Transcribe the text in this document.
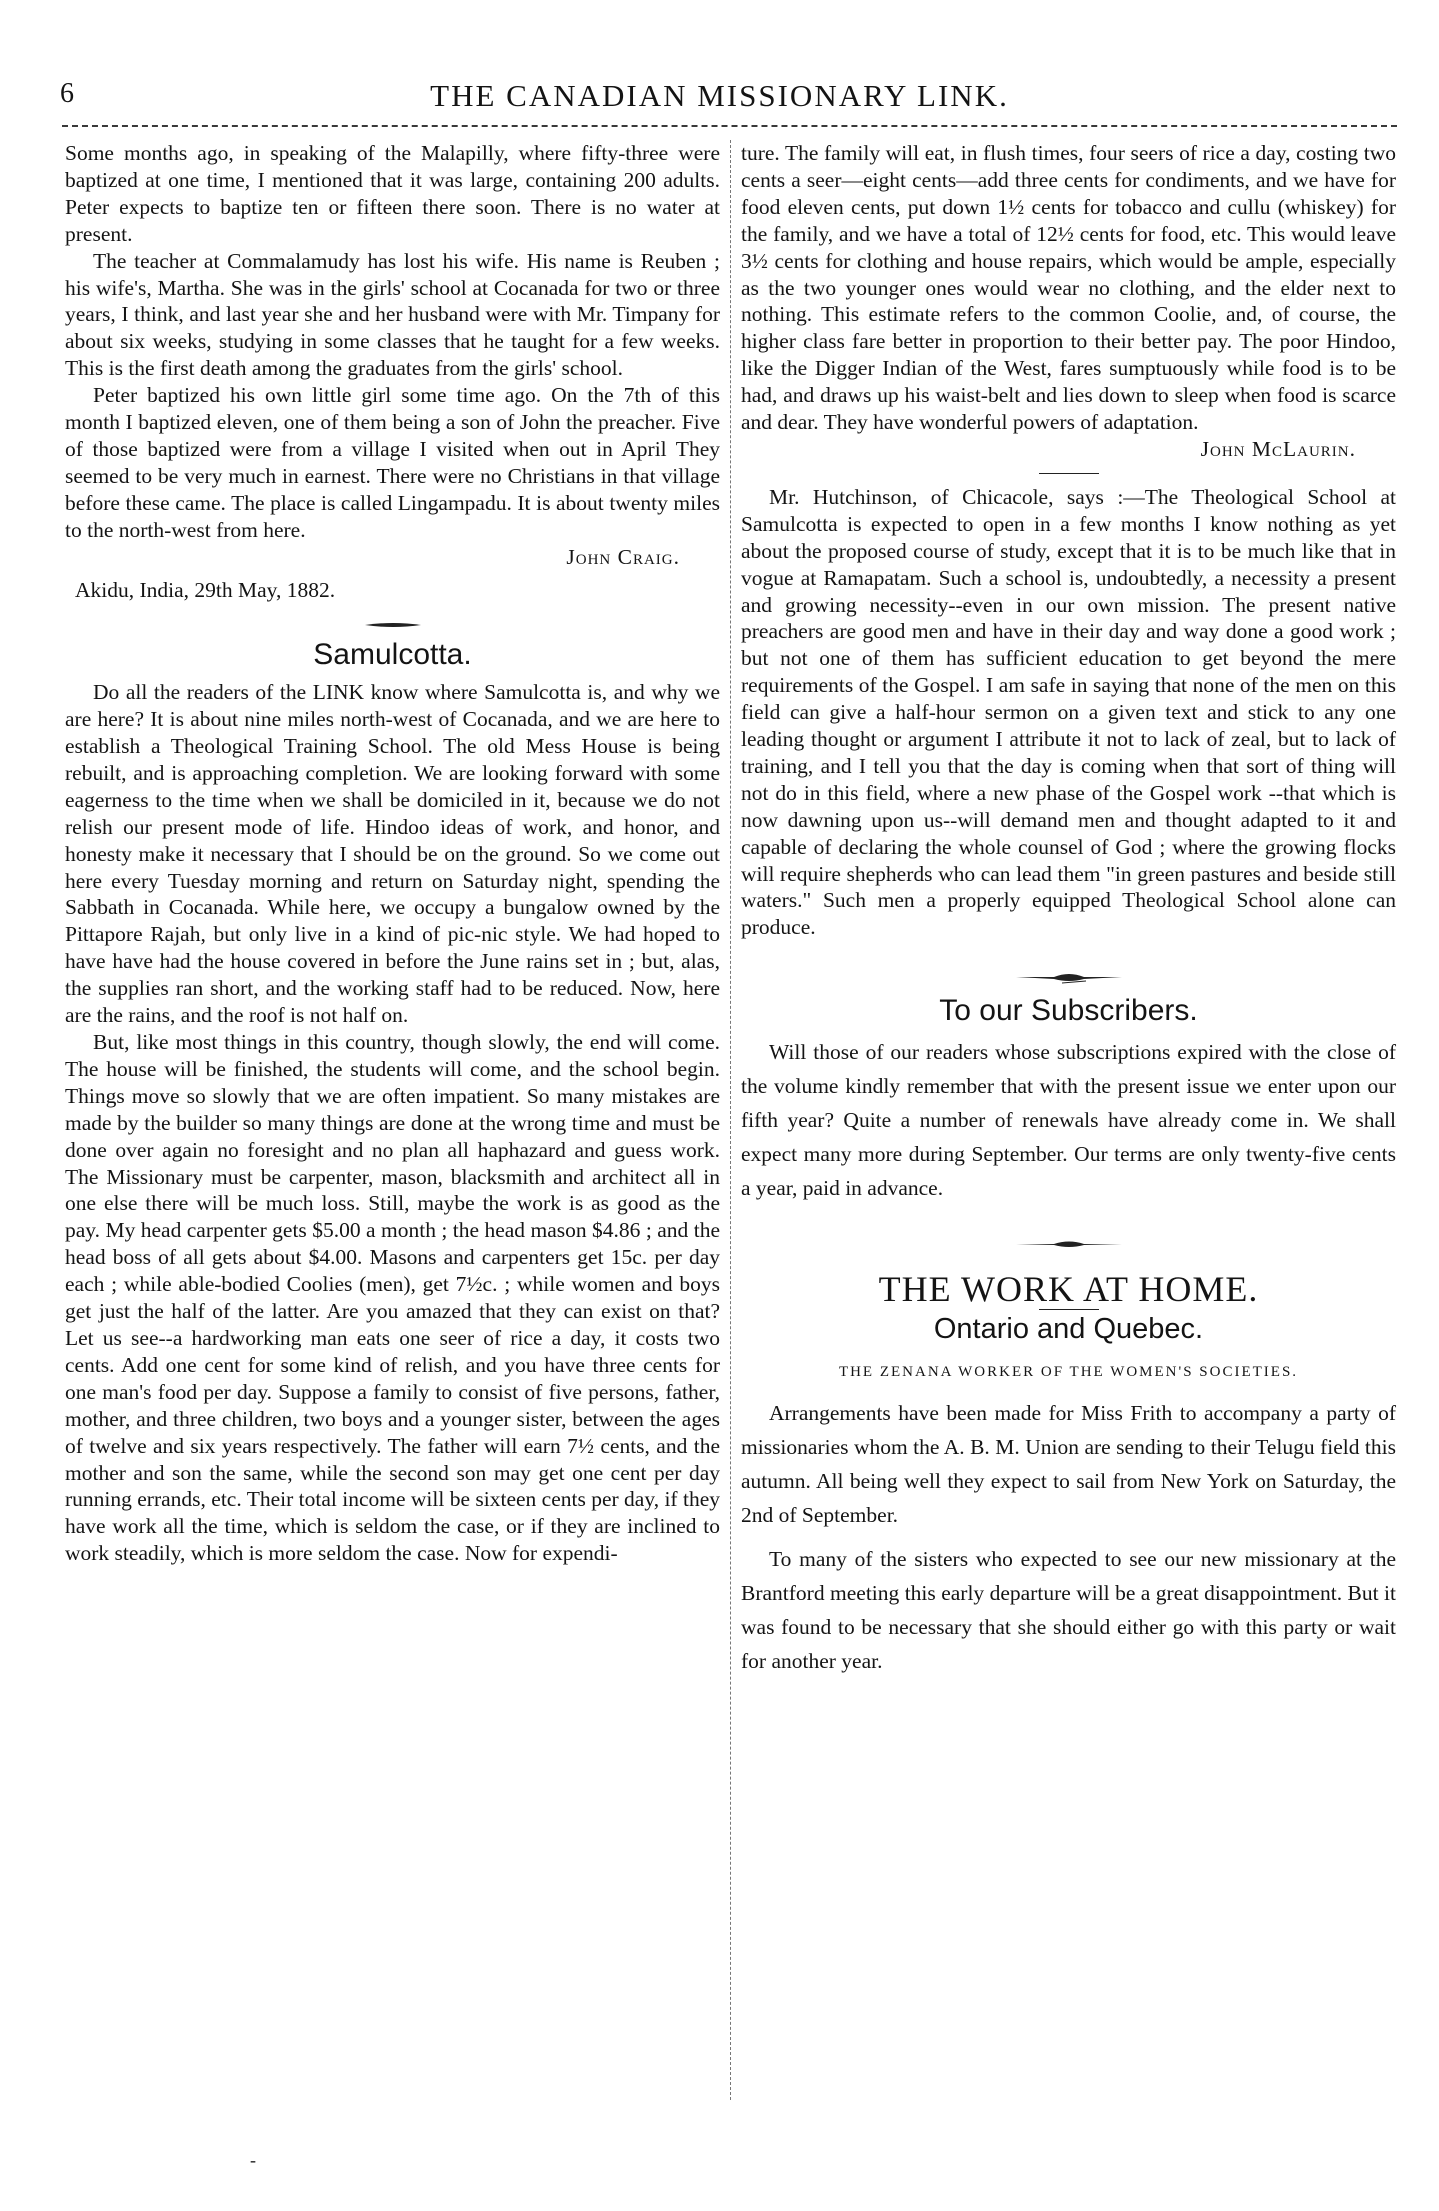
6	THE CANADIAN MISSIONARY LINK.

Some months ago, in speaking of the Malapilly, where fifty-three were baptized at one time, I mentioned that it was large, containing 200 adults. Peter expects to baptize ten or fifteen there soon. There is no water at present.

The teacher at Commalamudy has lost his wife. His name is Reuben ; his wife's, Martha. She was in the girls' school at Cocanada for two or three years, I think, and last year she and her husband were with Mr. Timpany for about six weeks, studying in some classes that he taught for a few weeks. This is the first death among the graduates from the girls' school.

Peter baptized his own little girl some time ago. On the 7th of this month I baptized eleven, one of them being a son of John the preacher. Five of those baptized were from a village I visited when out in April They seemed to be very much in earnest. There were no Christians in that village before these came. The place is called Lingampadu. It is about twenty miles to the north-west from here.

John Craig.

Akidu, India, 29th May, 1882.

Samulcotta.

Do all the readers of the LINK know where Samulcotta is, and why we are here? It is about nine miles north-west of Cocanada, and we are here to establish a Theological Training School. The old Mess House is being rebuilt, and is approaching completion. We are looking forward with some eagerness to the time when we shall be domiciled in it, because we do not relish our present mode of life. Hindoo ideas of work, and honor, and honesty make it necessary that I should be on the ground. So we come out here every Tuesday morning and return on Saturday night, spending the Sabbath in Cocanada. While here, we occupy a bungalow owned by the Pittapore Rajah, but only live in a kind of pic-nic style. We had hoped to have have had the house covered in before the June rains set in ; but, alas, the supplies ran short, and the working staff had to be reduced. Now, here are the rains, and the roof is not half on.

But, like most things in this country, though slowly, the end will come. The house will be finished, the students will come, and the school begin. Things move so slowly that we are often impatient. So many mistakes are made by the builder so many things are done at the wrong time and must be done over again no foresight and no plan all haphazard and guess work. The Missionary must be carpenter, mason, blacksmith and architect all in one else there will be much loss. Still, maybe the work is as good as the pay. My head carpenter gets $5.00 a month ; the head mason $4.86 ; and the head boss of all gets about $4.00. Masons and carpenters get 15c. per day each ; while able-bodied Coolies (men), get 7½c. ; while women and boys get just the half of the latter. Are you amazed that they can exist on that? Let us see--a hardworking man eats one seer of rice a day, it costs two cents. Add one cent for some kind of relish, and you have three cents for one man's food per day. Suppose a family to consist of five persons, father, mother, and three children, two boys and a younger sister, between the ages of twelve and six years respectively. The father will earn 7½ cents, and the mother and son the same, while the second son may get one cent per day running errands, etc. Their total income will be sixteen cents per day, if they have work all the time, which is seldom the case, or if they are inclined to work steadily, which is more seldom the case. Now for expendi-

ture. The family will eat, in flush times, four seers of rice a day, costing two cents a seer—eight cents—add three cents for condiments, and we have for food eleven cents, put down 1½ cents for tobacco and cullu (whiskey) for the family, and we have a total of 12½ cents for food, etc. This would leave 3½ cents for clothing and house repairs, which would be ample, especially as the two younger ones would wear no clothing, and the elder next to nothing. This estimate refers to the common Coolie, and, of course, the higher class fare better in proportion to their better pay. The poor Hindoo, like the Digger Indian of the West, fares sumptuously while food is to be had, and draws up his waist-belt and lies down to sleep when food is scarce and dear. They have wonderful powers of adaptation.

John McLaurin.

Mr. Hutchinson, of Chicacole, says :—The Theological School at Samulcotta is expected to open in a few months I know nothing as yet about the proposed course of study, except that it is to be much like that in vogue at Ramapatam. Such a school is, undoubtedly, a necessity a present and growing necessity--even in our own mission. The present native preachers are good men and have in their day and way done a good work ; but not one of them has sufficient education to get beyond the mere requirements of the Gospel. I am safe in saying that none of the men on this field can give a half-hour sermon on a given text and stick to any one leading thought or argument I attribute it not to lack of zeal, but to lack of training, and I tell you that the day is coming when that sort of thing will not do in this field, where a new phase of the Gospel work --that which is now dawning upon us--will demand men and thought adapted to it and capable of declaring the whole counsel of God ; where the growing flocks will require shepherds who can lead them "in green pastures and beside still waters." Such men a properly equipped Theological School alone can produce.

To our Subscribers.

Will those of our readers whose subscriptions expired with the close of the volume kindly remember that with the present issue we enter upon our fifth year? Quite a number of renewals have already come in. We shall expect many more during September. Our terms are only twenty-five cents a year, paid in advance.

THE WORK AT HOME.
Ontario and Quebec.
THE ZENANA WORKER OF THE WOMEN'S SOCIETIES.

Arrangements have been made for Miss Frith to accompany a party of missionaries whom the A. B. M. Union are sending to their Telugu field this autumn. All being well they expect to sail from New York on Saturday, the 2nd of September.

To many of the sisters who expected to see our new missionary at the Brantford meeting this early departure will be a great disappointment. But it was found to be necessary that she should either go with this party or wait for another year.

‐
